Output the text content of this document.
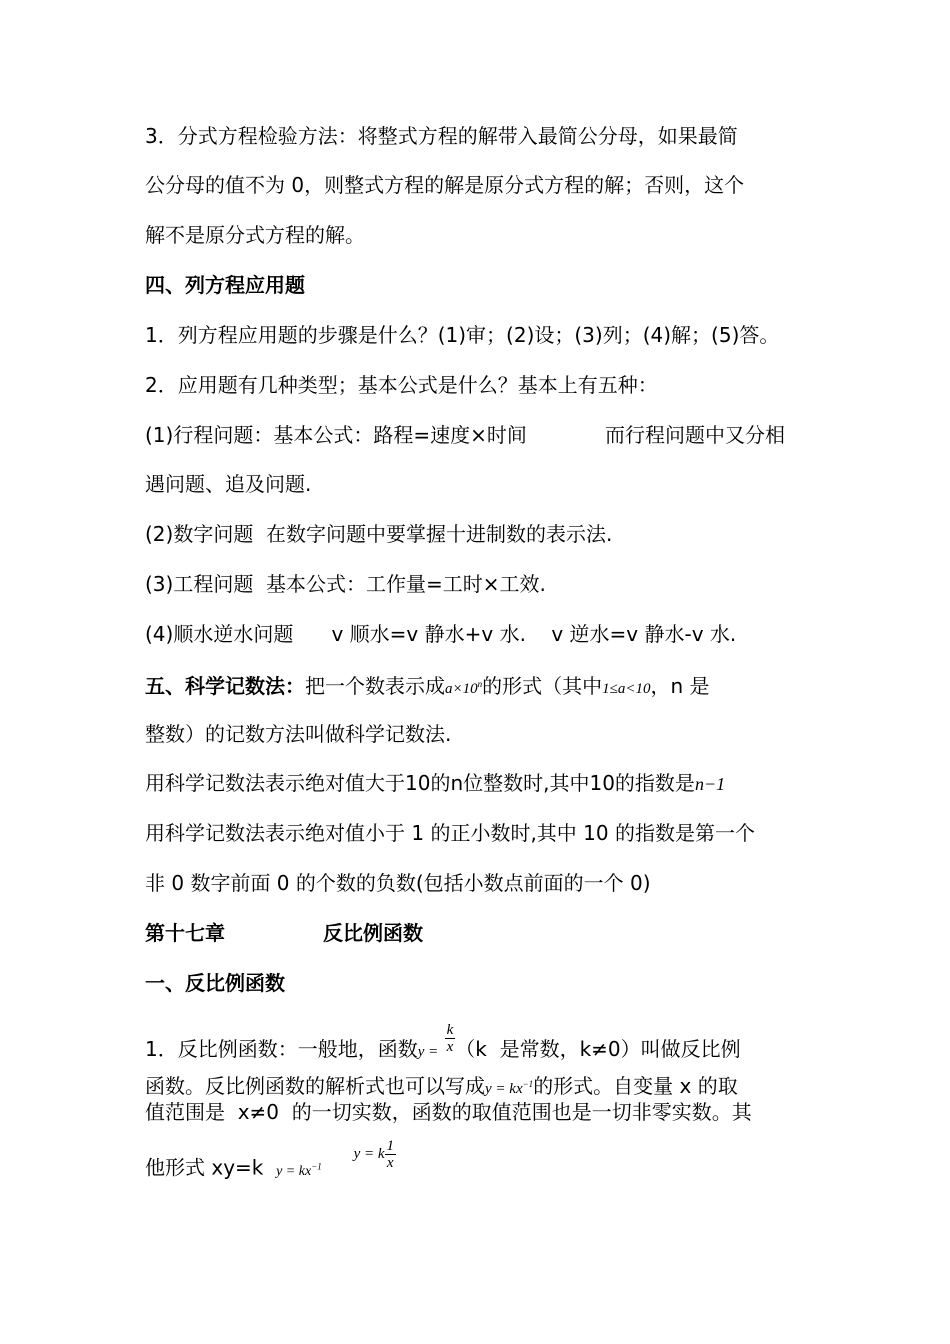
3．分式方程检验方法：将整式方程的解带入最简公分母，如果最简
公分母的值不为 0，则整式方程的解是原分式方程的解；否则，这个
解不是原分式方程的解。
四、列方程应用题
1．列方程应用题的步骤是什么？(1)审；(2)设；(3)列；(4)解；(5)答。
2．应用题有几种类型；基本公式是什么？基本上有五种：
(1)行程问题：基本公式：路程=速度×时间	而行程问题中又分相
遇问题、追及问题.
(2)数字问题  在数字问题中要掌握十进制数的表示法.
(3)工程问题  基本公式：工作量=工时×工效.
(4)顺水逆水问题      v 顺水=v 静水+v 水.    v 逆水=v 静水-v 水.
五、科学记数法：把一个数表示成$a\times 10^n$的形式（其中1≤a<10，n 是
整数）的记数方法叫做科学记数法.
用科学记数法表示绝对值大于10的n位整数时,其中10的指数是n−1
用科学记数法表示绝对值小于 1 的正小数时,其中 10 的指数是第一个
非 0 数字前面 0 的个数的负数(包括小数点前面的一个 0)
第十七章	反比例函数
一、反比例函数
1．反比例函数：一般地，函数$y = \frac{k}{x} (k$  是常数，k≠0）叫做反比例
函数。反比例函数的解析式也可以写成$y = kx^{-1}$的形式。自变量 x 的取
值范围是  x≠0  的一切实数，函数的取值范围也是一切非零实数。其
他形式 xy=k $y = kx^{-1}$     y = k $\frac{1}{x}$
